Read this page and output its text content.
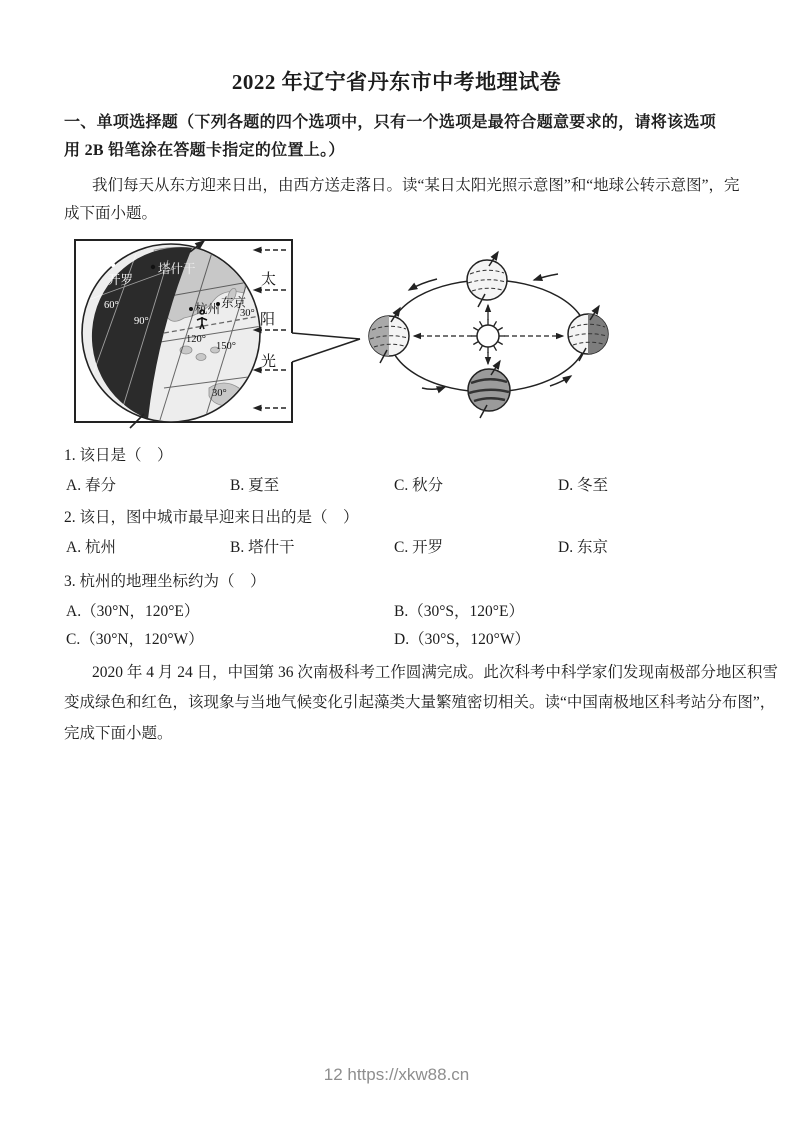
2022 年辽宁省丹东市中考地理试卷
一、单项选择题（下列各题的四个选项中，只有一个选项是最符合题意要求的，请将该选项
用 2B 铅笔涂在答题卡指定的位置上。）
我们每天从东方迎来日出，由西方送走落日。读“某日太阳光照示意图”和“地球公转示意图”，完
成下面小题。
开罗
塔什干
杭州 东京
60°
90°
120°
150°
30°
30°
太
阳
光
1. 该日是（　）
A. 春分	B. 夏至	C. 秋分	D. 冬至
2. 该日，图中城市最早迎来日出的是（　）
A. 杭州	B. 塔什干	C. 开罗	D. 东京
3. 杭州的地理坐标约为（　）
A.（30°N，120°E）	B.（30°S，120°E）
C.（30°N，120°W）	D.（30°S，120°W）
2020 年 4 月 24 日，中国第 36 次南极科考工作圆满完成。此次科考中科学家们发现南极部分地区积雪
变成绿色和红色，该现象与当地气候变化引起藻类大量繁殖密切相关。读“中国南极地区科考站分布图”，
完成下面小题。
12 https://xkw88.cn
